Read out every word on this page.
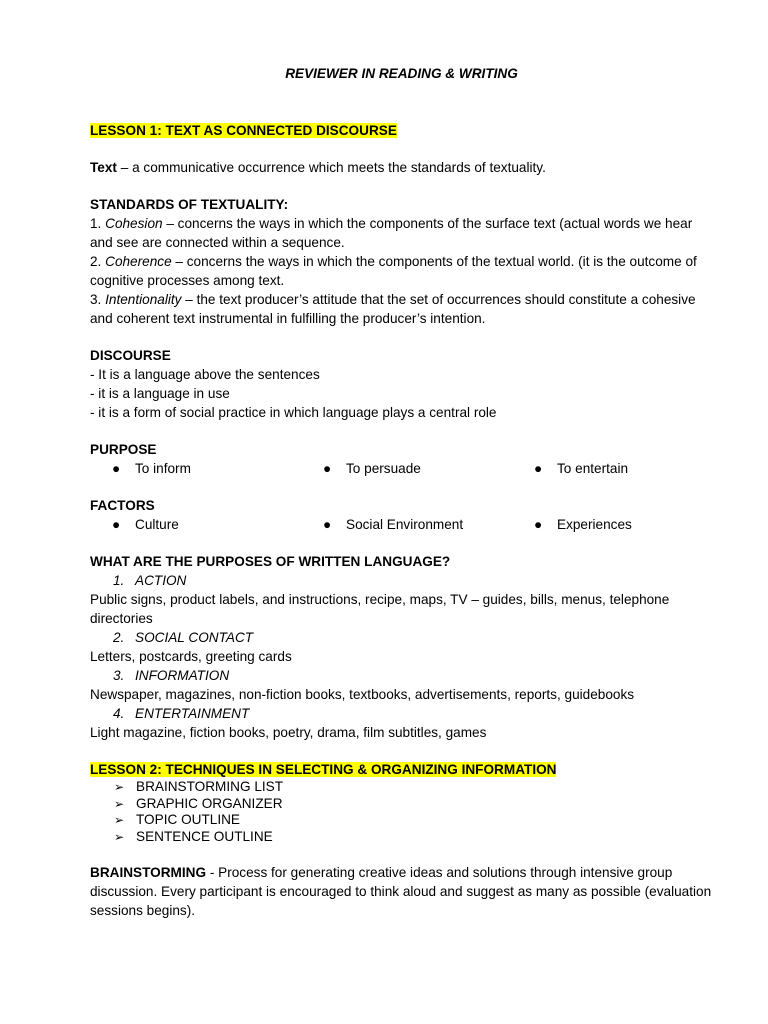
REVIEWER IN READING & WRITING
LESSON 1: TEXT AS CONNECTED DISCOURSE
Text – a communicative occurrence which meets the standards of textuality.
STANDARDS OF TEXTUALITY:
1. Cohesion – concerns the ways in which the components of the surface text (actual words we hear and see are connected within a sequence.
2. Coherence – concerns the ways in which the components of the textual world. (it is the outcome of cognitive processes among text.
3. Intentionality – the text producer’s attitude that the set of occurrences should constitute a cohesive and coherent text instrumental in fulfilling the producer’s intention.
DISCOURSE
- It is a language above the sentences
- it is a language in use
- it is a form of social practice in which language plays a central role
PURPOSE
●	To inform	●	To persuade	●	To entertain
FACTORS
●	Culture	●	Social Environment	●	Experiences
WHAT ARE THE PURPOSES OF WRITTEN LANGUAGE?
1. ACTION
Public signs, product labels, and instructions, recipe, maps, TV – guides, bills, menus, telephone directories
2. SOCIAL CONTACT
Letters, postcards, greeting cards
3. INFORMATION
Newspaper, magazines, non-fiction books, textbooks, advertisements, reports, guidebooks
4. ENTERTAINMENT
Light magazine, fiction books, poetry, drama, film subtitles, games
LESSON 2: TECHNIQUES IN SELECTING & ORGANIZING INFORMATION
➢ BRAINSTORMING LIST
➢ GRAPHIC ORGANIZER
➢ TOPIC OUTLINE
➢ SENTENCE OUTLINE
BRAINSTORMING - Process for generating creative ideas and solutions through intensive group discussion. Every participant is encouraged to think aloud and suggest as many as possible (evaluation sessions begins).
